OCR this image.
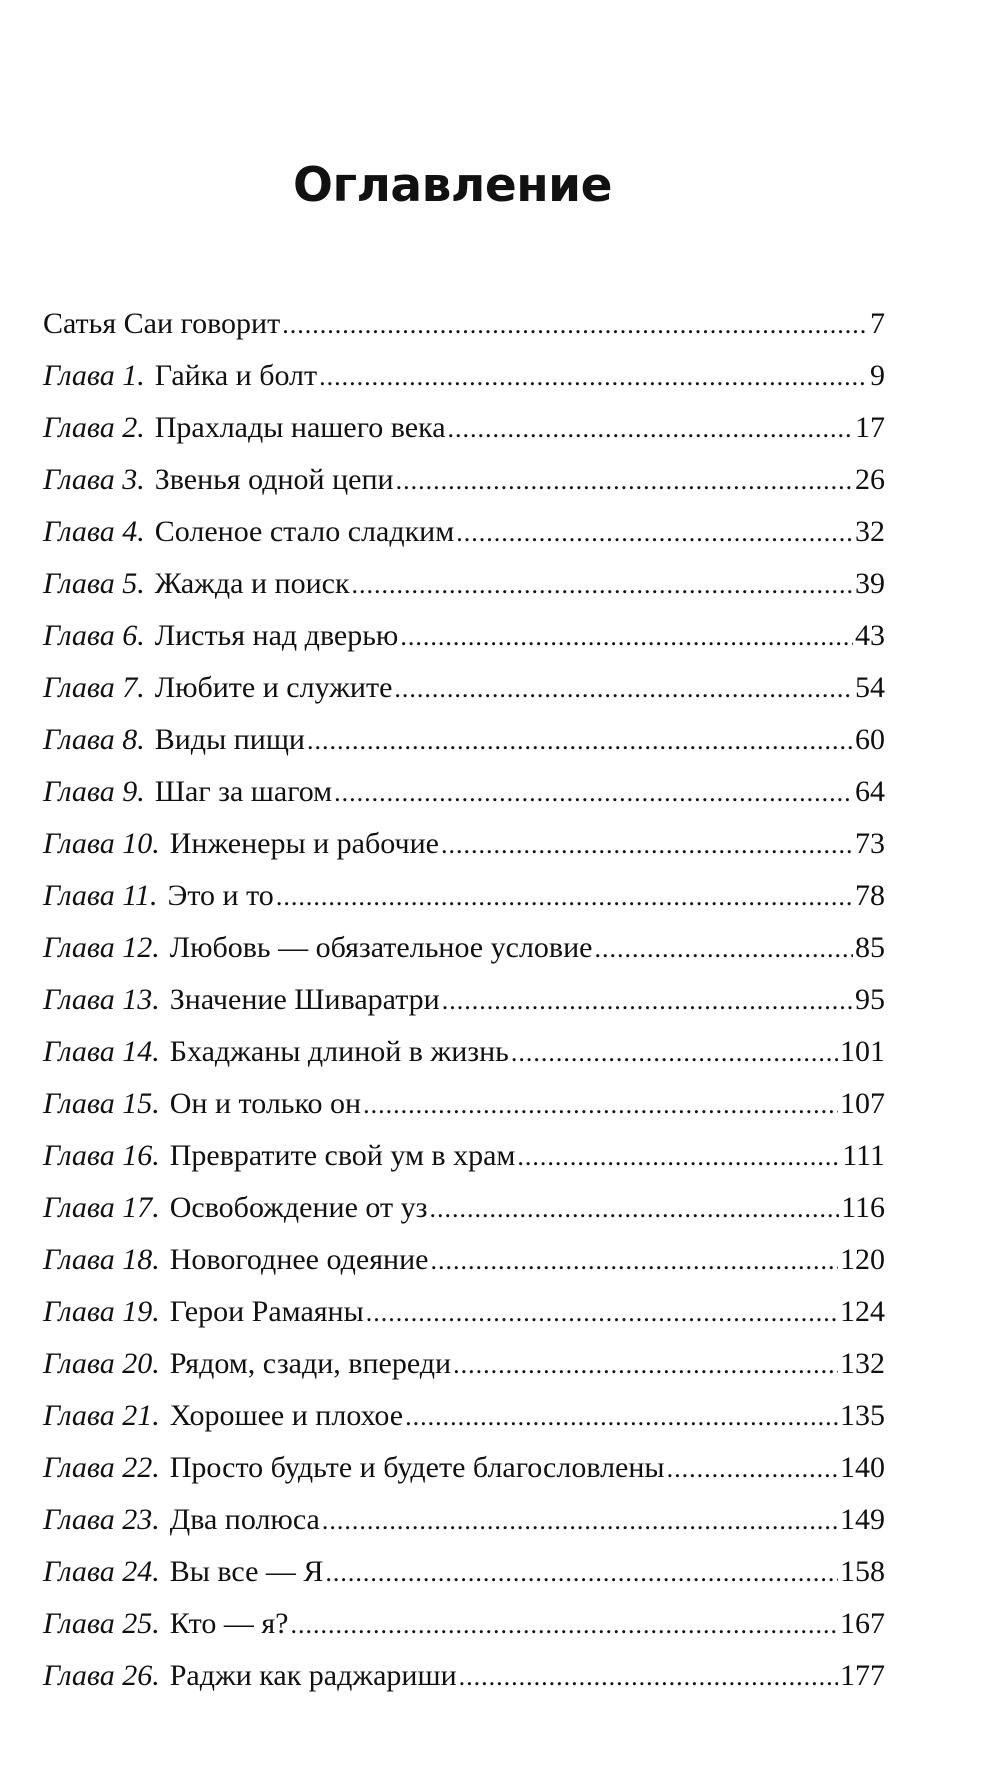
Оглавление
Сатья Саи говорит .....	7
Глава 1. Гайка и болт .....	9
Глава 2. Прахлады нашего века .....	17
Глава 3. Звенья одной цепи .....	26
Глава 4. Соленое стало сладким .....	32
Глава 5. Жажда и поиск .....	39
Глава 6. Листья над дверью .....	43
Глава 7. Любите и служите .....	54
Глава 8. Виды пищи .....	60
Глава 9. Шаг за шагом .....	64
Глава 10. Инженеры и рабочие .....	73
Глава 11. Это и то .....	78
Глава 12. Любовь — обязательное условие .....	85
Глава 13. Значение Шиваратри .....	95
Глава 14. Бхаджаны длиной в жизнь .....	101
Глава 15. Он и только он .....	107
Глава 16. Превратите свой ум в храм .....	111
Глава 17. Освобождение от уз .....	116
Глава 18. Новогоднее одеяние .....	120
Глава 19. Герои Рамаяны .....	124
Глава 20. Рядом, сзади, впереди .....	132
Глава 21. Хорошее и плохое .....	135
Глава 22. Просто будьте и будете благословлены .....	140
Глава 23. Два полюса .....	149
Глава 24. Вы все — Я .....	158
Глава 25. Кто — я? .....	167
Глава 26. Раджи как раджариши .....	177
